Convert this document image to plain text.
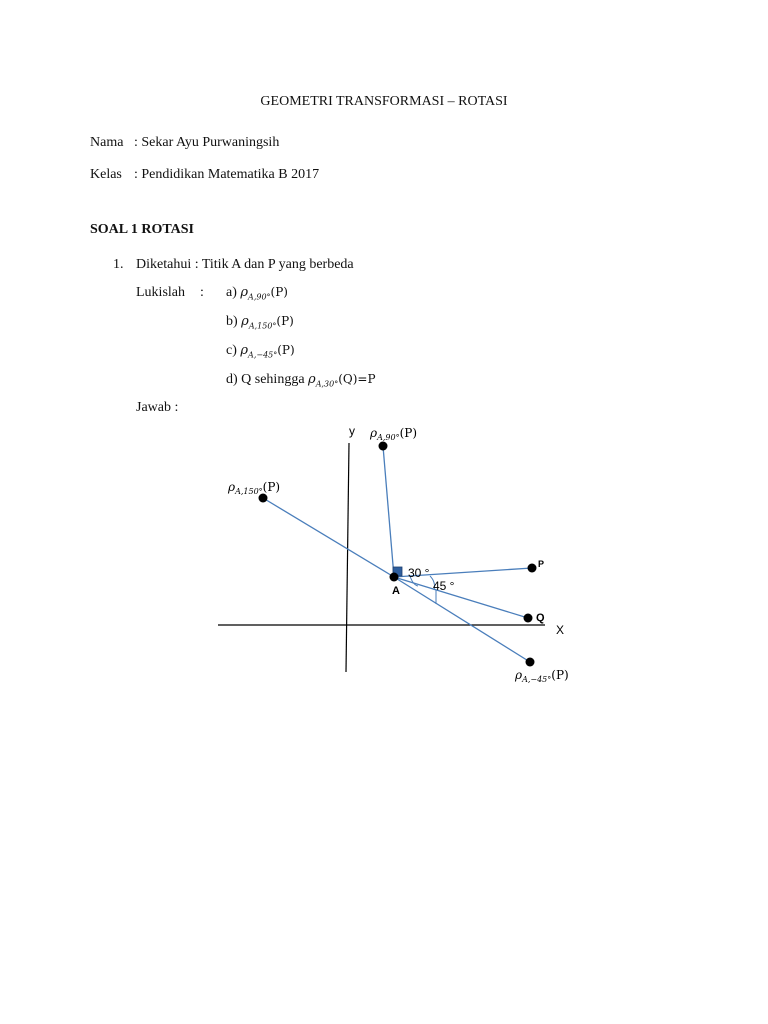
GEOMETRI TRANSFORMASI – ROTASI
Nama : Sekar Ayu Purwaningsih
Kelas : Pendidikan Matematika B 2017
SOAL 1 ROTASI
1. Diketahui : Titik A dan P yang berbeda
Lukislah : a) $\rho_{A,90^\circ}(P)$
b) $\rho_{A,150^\circ}(P)$
c) $\rho_{A,-45^\circ}(P)$
d) Q sehingga $\rho_{A,30^\circ}(Q)=P$
Jawab :
y
X
A
P
Q
30 °
45 °
$\rho_{A,90^\circ}(P)$
$\rho_{A,150^\circ}(P)$
$\rho_{A,-45^\circ}(P)$
